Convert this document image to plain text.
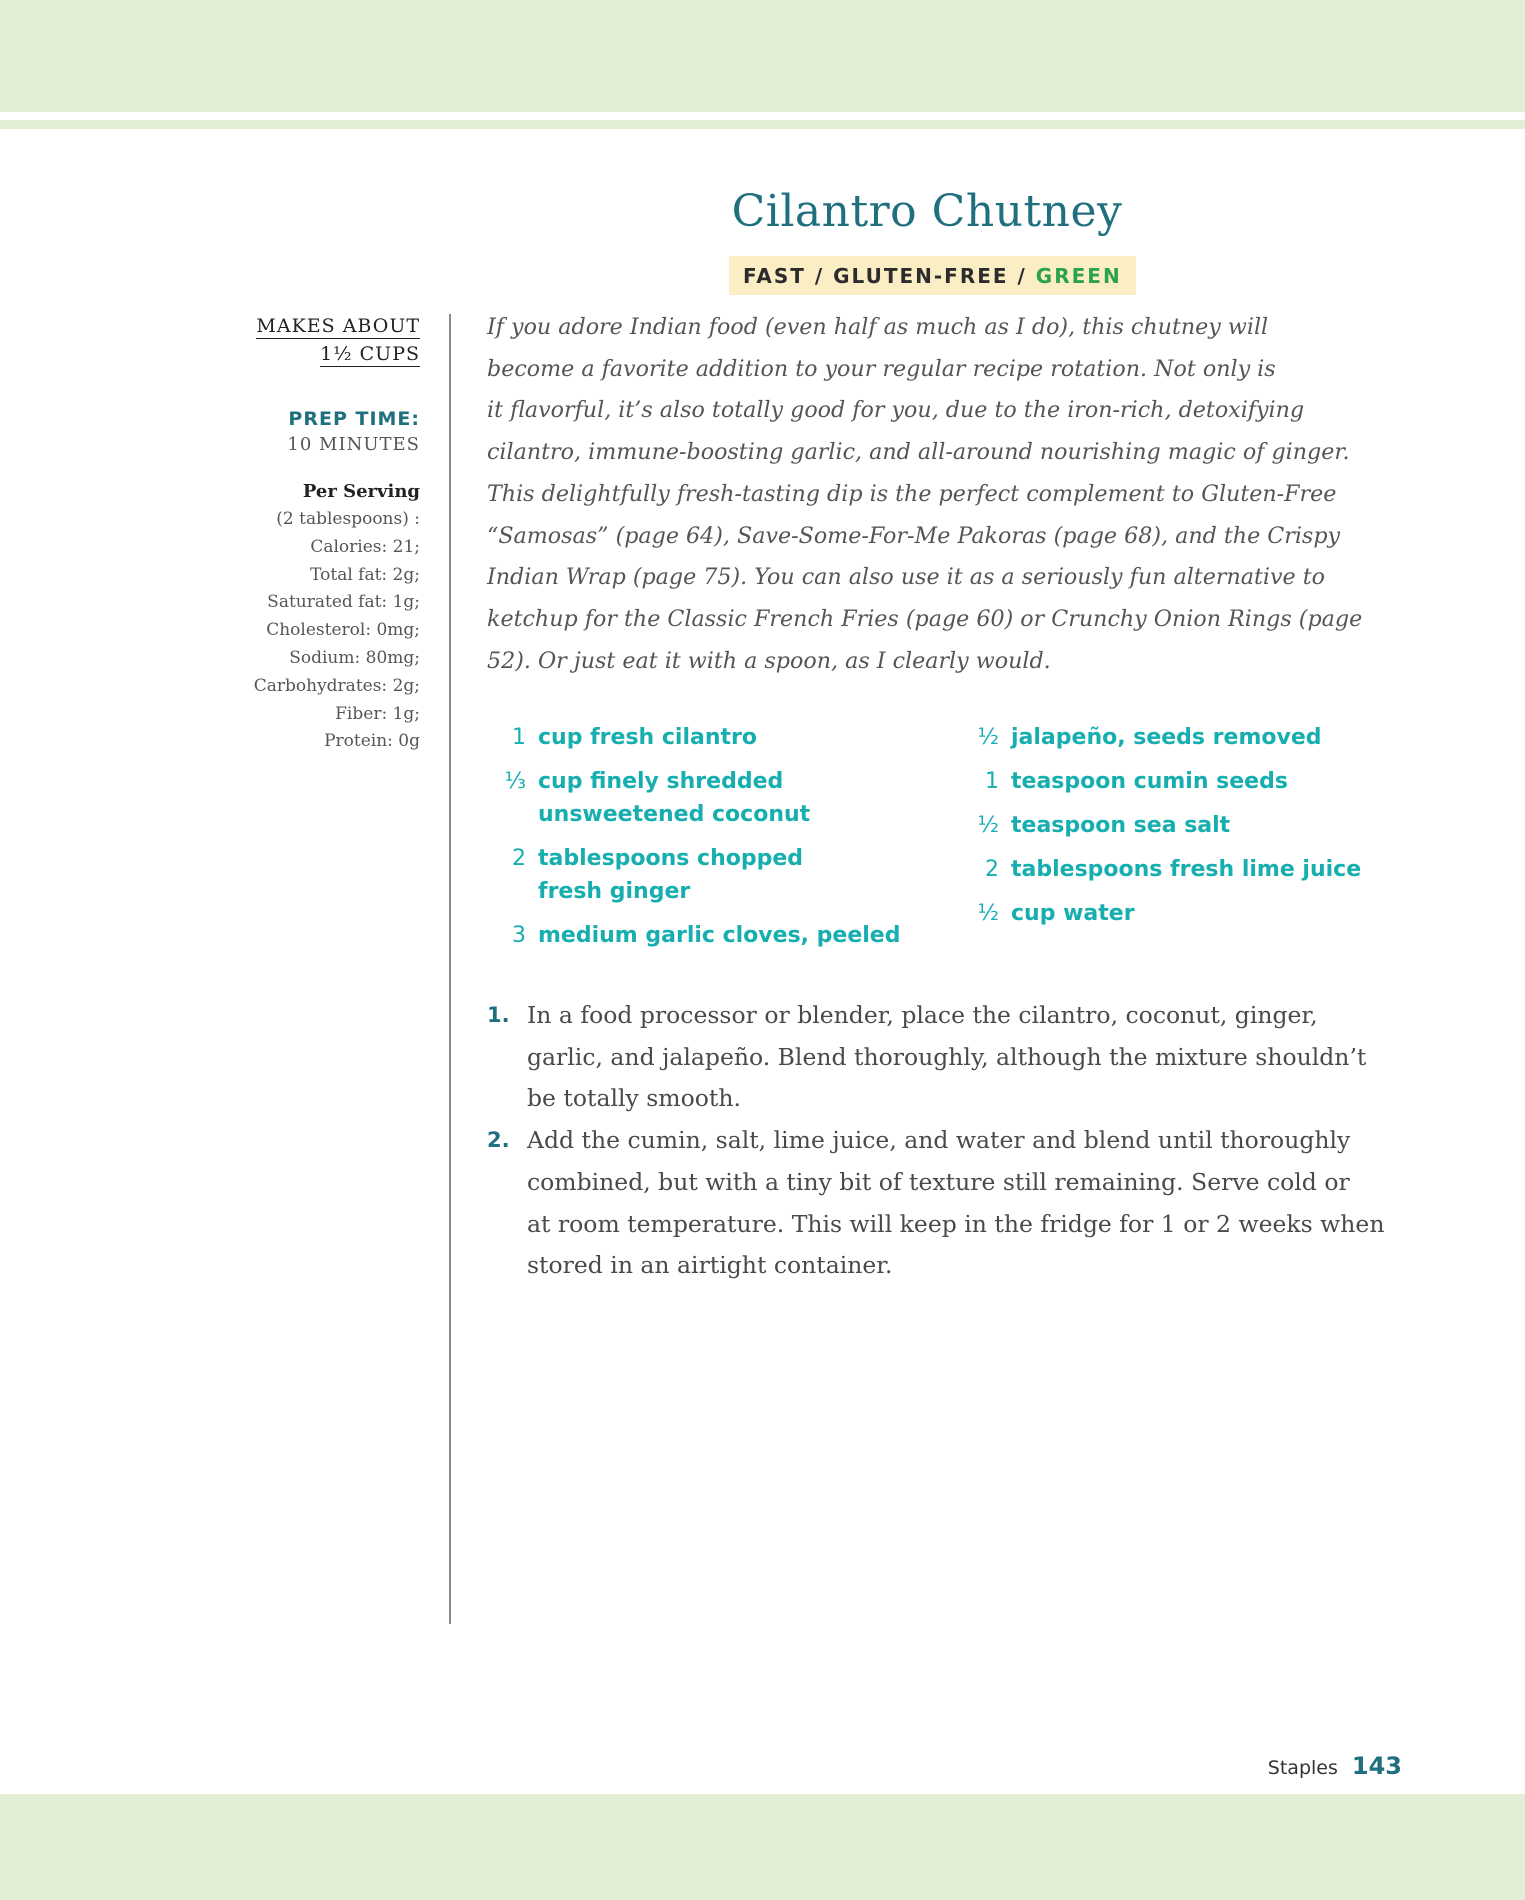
Cilantro Chutney
FAST / GLUTEN-FREE / GREEN
MAKES ABOUT
1½ CUPS
PREP TIME:
10 MINUTES
Per Serving
(2 tablespoons) :
Calories: 21;
Total fat: 2g;
Saturated fat: 1g;
Cholesterol: 0mg;
Sodium: 80mg;
Carbohydrates: 2g;
Fiber: 1g;
Protein: 0g
If you adore Indian food (even half as much as I do), this chutney will
become a favorite addition to your regular recipe rotation. Not only is
it flavorful, it’s also totally good for you, due to the iron-rich, detoxifying
cilantro, immune-boosting garlic, and all-around nourishing magic of ginger.
This delightfully fresh-tasting dip is the perfect complement to Gluten-Free
“Samosas” (page 64), Save-Some-For-Me Pakoras (page 68), and the Crispy
Indian Wrap (page 75). You can also use it as a seriously fun alternative to
ketchup for the Classic French Fries (page 60) or Crunchy Onion Rings (page
52). Or just eat it with a spoon, as I clearly would.
1 cup fresh cilantro
⅓ cup finely shredded
unsweetened coconut
2 tablespoons chopped
fresh ginger
3 medium garlic cloves, peeled
½ jalapeño, seeds removed
1 teaspoon cumin seeds
½ teaspoon sea salt
2 tablespoons fresh lime juice
½ cup water
1. In a food processor or blender, place the cilantro, coconut, ginger,
garlic, and jalapeño. Blend thoroughly, although the mixture shouldn’t
be totally smooth.
2. Add the cumin, salt, lime juice, and water and blend until thoroughly
combined, but with a tiny bit of texture still remaining. Serve cold or
at room temperature. This will keep in the fridge for 1 or 2 weeks when
stored in an airtight container.
Staples 143
